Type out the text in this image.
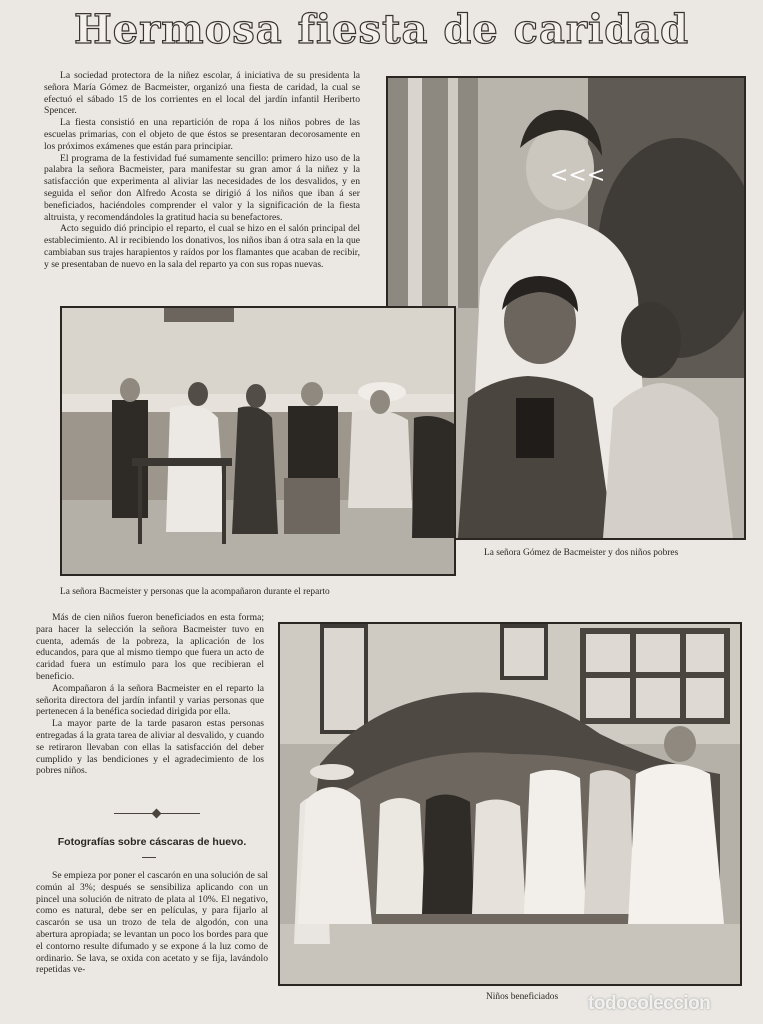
Hermosa fiesta de caridad

La sociedad protectora de la niñez escolar, á iniciativa de su presidenta la señora María Gómez de Bacmeister, organizó una fiesta de caridad, la cual se efectuó el sábado 15 de los corrientes en el local del jardín infantil Heriberto Spencer.

La fiesta consistió en una repartición de ropa á los niños pobres de las escuelas primarias, con el objeto de que éstos se presentaran decorosamente en los próximos exámenes que están para principiar.

El programa de la festividad fué sumamente sencillo: primero hizo uso de la palabra la señora Bacmeister, para manifestar su gran amor á la niñez y la satisfacción que experimenta al aliviar las necesidades de los desvalidos, y en seguida el señor don Alfredo Acosta se dirigió á los niños que iban á ser beneficiados, haciéndoles comprender el valor y la significación de la fiesta altruista, y recomendándoles la gratitud hacia su benefactores.

Acto seguido dió principio el reparto, el cual se hizo en el salón principal del establecimiento. Al ir recibiendo los donativos, los niños iban á otra sala en la que cambiaban sus trajes harapientos y raídos por los flamantes que acaban de recibir, y se presentaban de nuevo en la sala del reparto ya con sus ropas nuevas.

<<<
La señora Gómez de Bacmeister y dos niños pobres
La señora Bacmeister y personas que la acompañaron durante el reparto

Más de cien niños fueron beneficiados en esta forma; para hacer la selección la señora Bacmeister tuvo en cuenta, además de la pobreza, la aplicación de los educandos, para que al mismo tiempo que fuera un acto de caridad fuera un estímulo para los que recibieran el beneficio.

Acompañaron á la señora Bacmeister en el reparto la señorita directora del jardín infantil y varias personas que pertenecen á la benéfica sociedad dirigida por ella.

La mayor parte de la tarde pasaron estas personas entregadas á la grata tarea de aliviar al desvalido, y cuando se retiraron llevaban con ellas la satisfacción del deber cumplido y las bendiciones y el agradecimiento de los pobres niños.

Fotografías sobre cáscaras de huevo.

Se empieza por poner el cascarón en una solución de sal común al 3%; después se sensibiliza aplicando con un pincel una solución de nitrato de plata al 10%. El negativo, como es natural, debe ser en películas, y para fijarlo al cascarón se usa un trozo de tela de algodón, con una abertura apropiada; se levantan un poco los bordes para que el contorno resulte difumado y se expone á la luz como de ordinario. Se lava, se oxida con acetato y se fija, lavándolo repetidas ve-

Niños beneficiados todocoleccion
